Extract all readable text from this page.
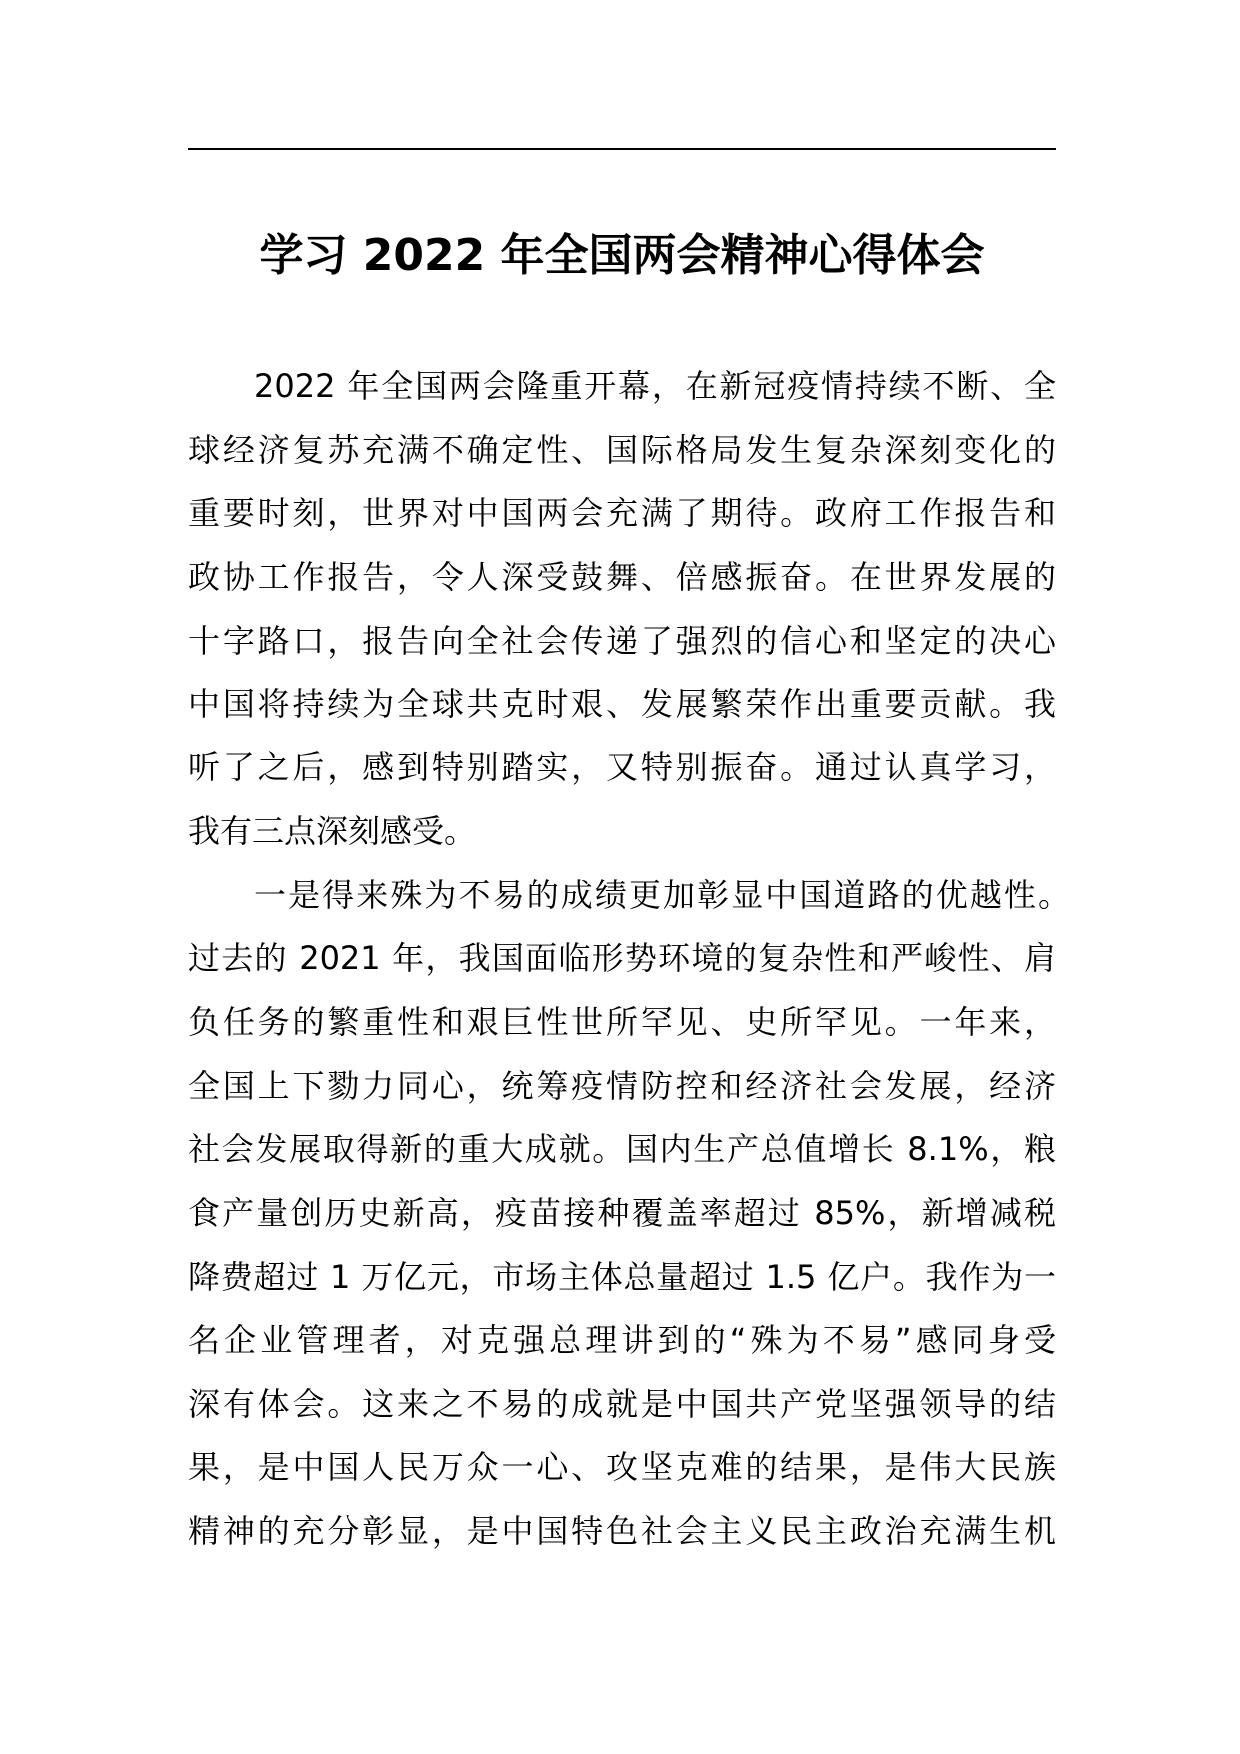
学习 2022 年全国两会精神心得体会
2022 年全国两会隆重开幕，在新冠疫情持续不断、全
球经济复苏充满不确定性、国际格局发生复杂深刻变化的
重要时刻，世界对中国两会充满了期待。政府工作报告和
政协工作报告，令人深受鼓舞、倍感振奋。在世界发展的
十字路口，报告向全社会传递了强烈的信心和坚定的决心
中国将持续为全球共克时艰、发展繁荣作出重要贡献。我
听了之后，感到特别踏实，又特别振奋。通过认真学习，
我有三点深刻感受。
一是得来殊为不易的成绩更加彰显中国道路的优越性。
过去的 2021 年，我国面临形势环境的复杂性和严峻性、肩
负任务的繁重性和艰巨性世所罕见、史所罕见。一年来，
全国上下勠力同心，统筹疫情防控和经济社会发展，经济
社会发展取得新的重大成就。国内生产总值增长 8.1%，粮
食产量创历史新高，疫苗接种覆盖率超过 85%，新增减税
降费超过 1 万亿元，市场主体总量超过 1.5 亿户。我作为一
名企业管理者，对克强总理讲到的“殊为不易”感同身受
深有体会。这来之不易的成就是中国共产党坚强领导的结
果，是中国人民万众一心、攻坚克难的结果，是伟大民族
精神的充分彰显，是中国特色社会主义民主政治充满生机
